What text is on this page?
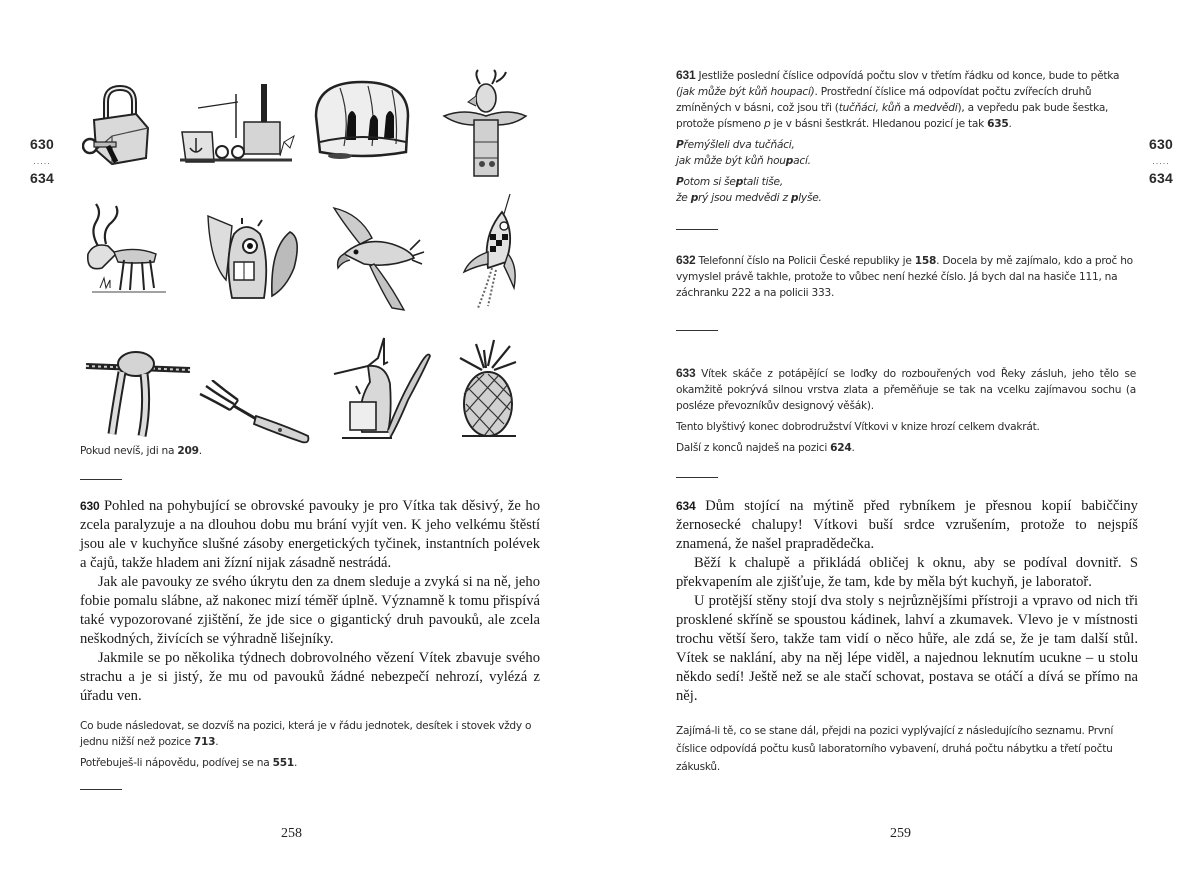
630
.....
634
Pokud nevíš, jdi na 209.

630 Pohled na pohybující se obrovské pavouky je pro Vítka tak děsivý, že ho zcela paralyzuje a na dlouhou dobu mu brání vyjít ven. K jeho velkému štěstí jsou ale v kuchyňce slušné zásoby energetických tyčinek, instantních polévek a čajů, takže hladem ani žízní nijak zásadně nestrádá.

Jak ale pavouky ze svého úkrytu den za dnem sleduje a zvyká si na ně, jeho fobie pomalu slábne, až nakonec mizí téměř úplně. Významně k tomu přispívá také vypozorované zjištění, že jde sice o gigantický druh pavouků, ale zcela neškodných, živících se výhradně lišejníky.

Jakmile se po několika týdnech dobrovolného vězení Vítek zbavuje svého strachu a je si jistý, že mu od pavouků žádné nebezpečí nehrozí, vylézá z úřadu ven.

Co bude následovat, se dozvíš na pozici, která je v řádu jednotek, desítek i stovek vždy o jednu nižší než pozice 713.
Potřebuješ-li nápovědu, podívej se na 551.
258
630
.....
634
631 Jestliže poslední číslice odpovídá počtu slov v třetím řádku od konce, bude to pětka (jak může být kůň houpací). Prostřední číslice má odpovídat počtu zvířecích druhů zmíněných v básni, což jsou tři (tučňáci, kůň a medvědi), a vepředu pak bude šestka, protože písmeno p je v básni šestkrát. Hledanou pozicí je tak 635.
Přemýšleli dva tučňáci,
jak může být kůň houpací.
Potom si šeptali tiše,
že prý jsou medvědi z plyše.
632 Telefonní číslo na Policii České republiky je 158. Docela by mě zajímalo, kdo a proč ho vymyslel právě takhle, protože to vůbec není hezké číslo. Já bych dal na hasiče 111, na záchranku 222 a na policii 333.
633 Vítek skáče z potápějící se loďky do rozbouřených vod Řeky zásluh, jeho tělo se okamžitě pokrývá silnou vrstva zlata a přeměňuje se tak na vcelku zajímavou sochu (a posléze převozníkův designový věšák).
Tento blyštivý konec dobrodružství Vítkovi v knize hrozí celkem dvakrát.
Další z konců najdeš na pozici 624.

634 Dům stojící na mýtině před rybníkem je přesnou kopií babiččiny žernosecké chalupy! Vítkovi buší srdce vzrušením, protože to nejspíš znamená, že našel prapradědečka.

Běží k chalupě a přikládá obličej k oknu, aby se podíval dovnitř. S překvapením ale zjišťuje, že tam, kde by měla být kuchyň, je laboratoř.

U protější stěny stojí dva stoly s nejrůznějšími přístroji a vpravo od nich tři prosklené skříně se spoustou kádinek, lahví a zkumavek. Vlevo je v místnosti trochu větší šero, takže tam vidí o něco hůře, ale zdá se, že je tam další stůl. Vítek se naklání, aby na něj lépe viděl, a najednou leknutím ucukne – u stolu někdo sedí! Ještě než se ale stačí schovat, postava se otáčí a dívá se přímo na něj.

Zajímá-li tě, co se stane dál, přejdi na pozici vyplývající z následujícího seznamu. První číslice odpovídá počtu kusů laboratorního vybavení, druhá počtu nábytku a třetí počtu zákusků.
259
